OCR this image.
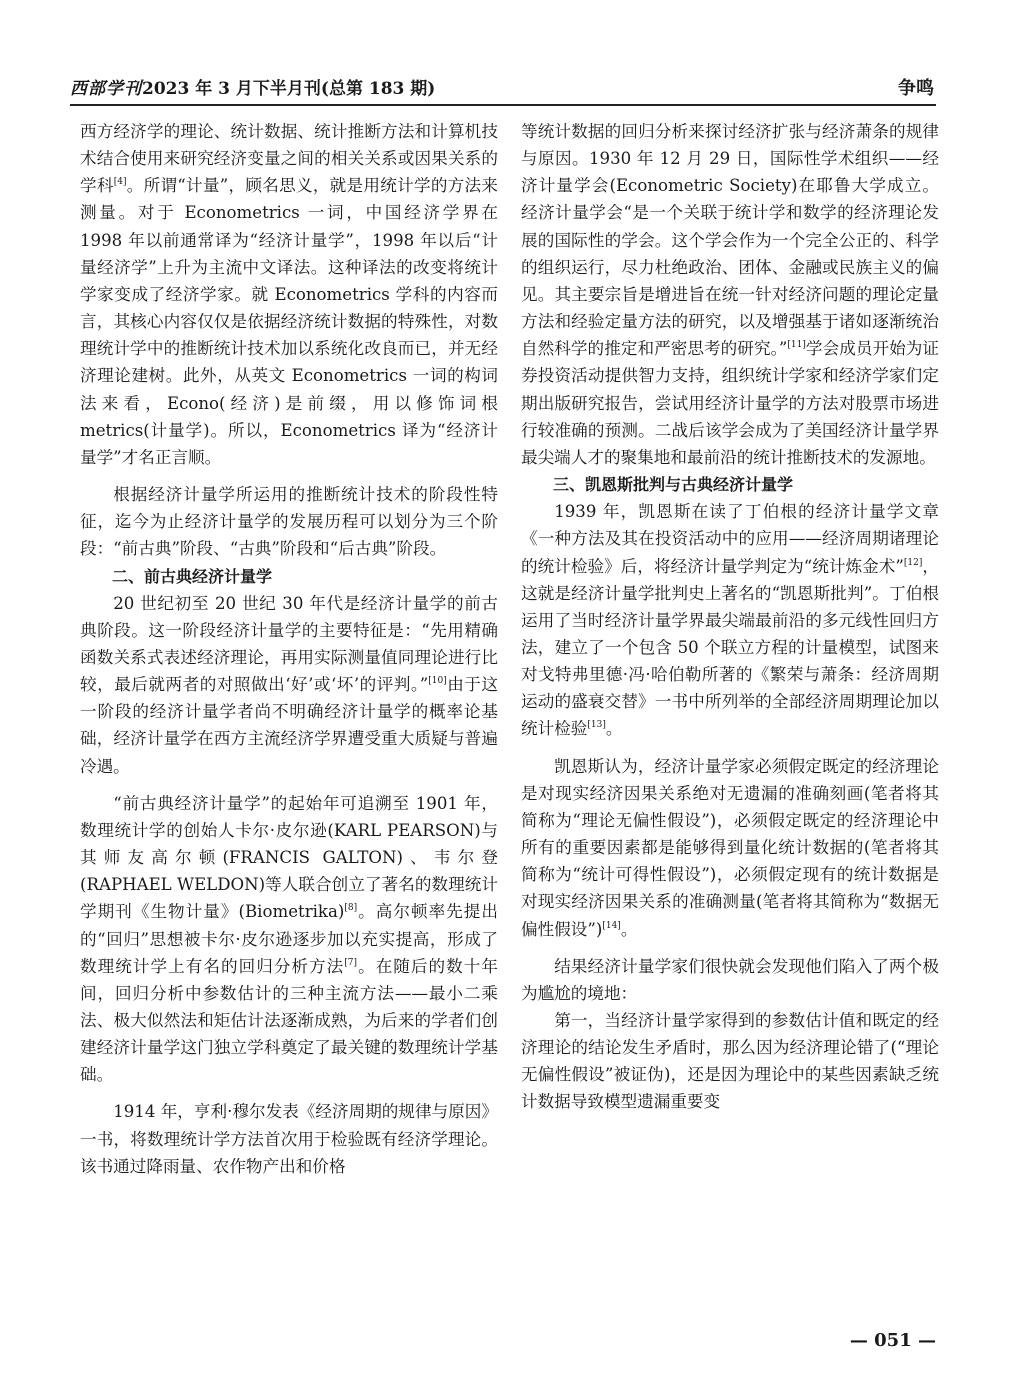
西部学刊2023 年 3 月下半月刊(总第 183 期)	争鸣

西方经济学的理论、统计数据、统计推断方法和计算机技术结合使用来研究经济变量之间的相关关系或因果关系的学科[4]。所谓“计量”，顾名思义，就是用统计学的方法来测量。对于 Econometrics 一词，中国经济学界在 1998 年以前通常译为“经济计量学”，1998 年以后“计量经济学”上升为主流中文译法。这种译法的改变将统计学家变成了经济学家。就 Econometrics 学科的内容而言，其核心内容仅仅是依据经济统计数据的特殊性，对数理统计学中的推断统计技术加以系统化改良而已，并无经济理论建树。此外，从英文 Econometrics 一词的构词法来看，Econo(经济)是前缀，用以修饰词根 metrics(计量学)。所以，Econometrics 译为“经济计量学”才名正言顺。

根据经济计量学所运用的推断统计技术的阶段性特征，迄今为止经济计量学的发展历程可以划分为三个阶段：“前古典”阶段、“古典”阶段和“后古典”阶段。

二、前古典经济计量学

20 世纪初至 20 世纪 30 年代是经济计量学的前古典阶段。这一阶段经济计量学的主要特征是：“先用精确函数关系式表述经济理论，再用实际测量值同理论进行比较，最后就两者的对照做出‘好’或‘坏’的评判。”[10]由于这一阶段的经济计量学者尚不明确经济计量学的概率论基础，经济计量学在西方主流经济学界遭受重大质疑与普遍冷遇。

“前古典经济计量学”的起始年可追溯至 1901 年，数理统计学的创始人卡尔·皮尔逊(KARL PEARSON)与其师友高尔顿(FRANCIS GALTON)、韦尔登(RAPHAEL WELDON)等人联合创立了著名的数理统计学期刊《生物计量》(Biometrika)[8]。高尔顿率先提出的“回归”思想被卡尔·皮尔逊逐步加以充实提高，形成了数理统计学上有名的回归分析方法[7]。在随后的数十年间，回归分析中参数估计的三种主流方法——最小二乘法、极大似然法和矩估计法逐渐成熟，为后来的学者们创建经济计量学这门独立学科奠定了最关键的数理统计学基础。

1914 年，亨利·穆尔发表《经济周期的规律与原因》一书，将数理统计学方法首次用于检验既有经济学理论。该书通过降雨量、农作物产出和价格

等统计数据的回归分析来探讨经济扩张与经济萧条的规律与原因。1930 年 12 月 29 日，国际性学术组织——经济计量学会(Econometric Society)在耶鲁大学成立。经济计量学会“是一个关联于统计学和数学的经济理论发展的国际性的学会。这个学会作为一个完全公正的、科学的组织运行，尽力杜绝政治、团体、金融或民族主义的偏见。其主要宗旨是增进旨在统一针对经济问题的理论定量方法和经验定量方法的研究，以及增强基于诸如逐渐统治自然科学的推定和严密思考的研究。”[11]学会成员开始为证券投资活动提供智力支持，组织统计学家和经济学家们定期出版研究报告，尝试用经济计量学的方法对股票市场进行较准确的预测。二战后该学会成为了美国经济计量学界最尖端人才的聚集地和最前沿的统计推断技术的发源地。

三、凯恩斯批判与古典经济计量学

1939 年，凯恩斯在读了丁伯根的经济计量学文章《一种方法及其在投资活动中的应用——经济周期诸理论的统计检验》后，将经济计量学判定为“统计炼金术”[12]，这就是经济计量学批判史上著名的“凯恩斯批判”。丁伯根运用了当时经济计量学界最尖端最前沿的多元线性回归方法，建立了一个包含 50 个联立方程的计量模型，试图来对戈特弗里德·冯·哈伯勒所著的《繁荣与萧条：经济周期运动的盛衰交替》一书中所列举的全部经济周期理论加以统计检验[13]。

凯恩斯认为，经济计量学家必须假定既定的经济理论是对现实经济因果关系绝对无遗漏的准确刻画(笔者将其简称为“理论无偏性假设”)，必须假定既定的经济理论中所有的重要因素都是能够得到量化统计数据的(笔者将其简称为“统计可得性假设”)，必须假定现有的统计数据是对现实经济因果关系的准确测量(笔者将其简称为“数据无偏性假设”)[14]。

结果经济计量学家们很快就会发现他们陷入了两个极为尴尬的境地：

第一，当经济计量学家得到的参数估计值和既定的经济理论的结论发生矛盾时，那么因为经济理论错了(“理论无偏性假设”被证伪)，还是因为理论中的某些因素缺乏统计数据导致模型遗漏重要变

— 051 —
